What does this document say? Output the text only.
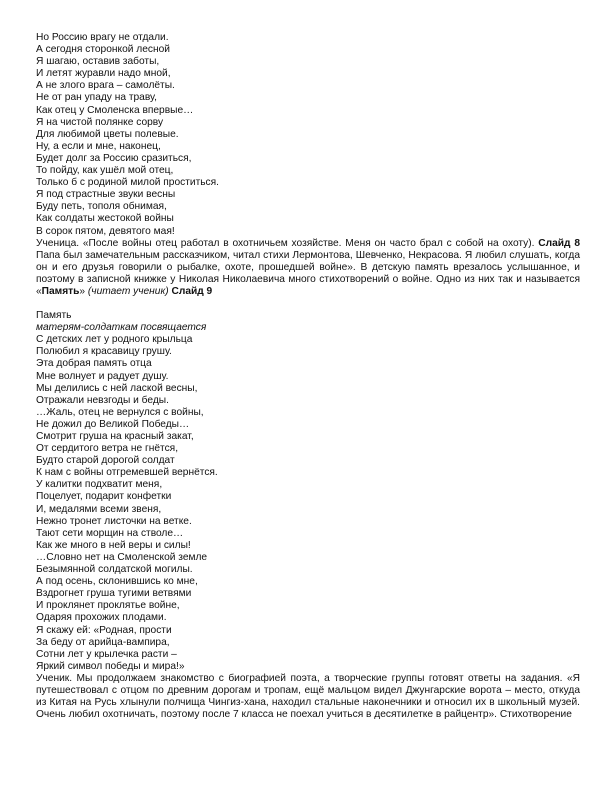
Но Россию врагу не отдали.
А сегодня сторонкой лесной
Я шагаю, оставив заботы,
И летят журавли надо мной,
А не злого врага – самолёты.
Не от ран упаду на траву,
Как отец у Смоленска впервые…
Я на чистой полянке сорву
Для любимой цветы полевые.
Ну, а если и мне, наконец,
Будет долг за Россию сразиться,
То пойду, как ушёл мой отец,
Только б с родиной милой проститься.
Я под страстные звуки весны
Буду петь, тополя обнимая,
Как солдаты жестокой войны
В сорок пятом, девятого мая!
Ученица. «После войны отец работал в охотничьем хозяйстве. Меня он часто брал с собой на охоту). Слайд 8 Папа был замечательным рассказчиком, читал стихи Лермонтова, Шевченко, Некрасова. Я любил слушать, когда он и его друзья говорили о рыбалке, охоте, прошедшей войне». В детскую память врезалось услышанное, и поэтому в записной книжке у Николая Николаевича много стихотворений о войне. Одно из них так и называется «Память» (читает ученик) Слайд 9
Память
матерям-солдаткам посвящается
С детских лет у родного крыльца
Полюбил я красавицу грушу.
Эта добрая память отца
Мне волнует и радует душу.
Мы делились с ней лаской весны,
Отражали невзгоды и беды.
…Жаль, отец не вернулся с войны,
Не дожил до Великой Победы…
Смотрит груша на красный закат,
От сердитого ветра не гнётся,
Будто старой дорогой солдат
К нам с войны отгремевшей вернётся.
У калитки подхватит меня,
Поцелует, подарит конфетки
И, медалями всеми звеня,
Нежно тронет листочки на ветке.
Тают сети морщин на стволе…
Как же много в ней веры и силы!
…Словно нет на Смоленской земле
Безымянной солдатской могилы.
А под осень, склонившись ко мне,
Вздрогнет груша тугими ветвями
И проклянет проклятье войне,
Одаряя прохожих плодами.
Я скажу ей: «Родная, прости
За беду от арийца-вампира,
Сотни лет у крылечка расти –
Яркий символ победы и мира!»
Ученик. Мы продолжаем знакомство с биографией поэта, а творческие группы готовят ответы на задания. «Я путешествовал с отцом по древним дорогам и тропам, ещё мальцом видел Джунгарские ворота – место, откуда из Китая на Русь хлынули полчища Чингиз-хана, находил стальные наконечники и относил их в школьный музей. Очень любил охотничать, поэтому после 7 класса не поехал учиться в десятилетке в райцентр». Стихотворение
